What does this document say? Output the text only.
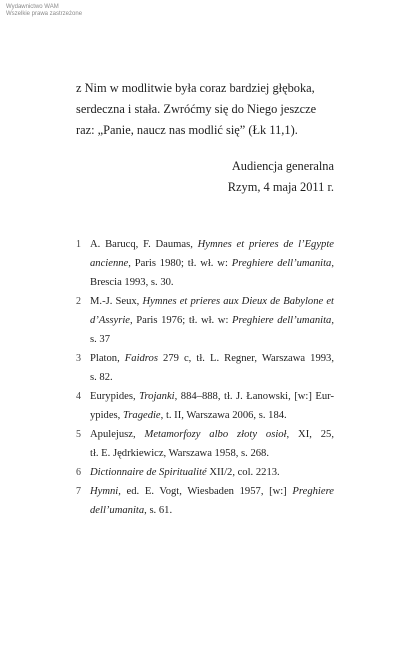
Wydawnictwo WAM
Wszelkie prawa zastrzeżone
z Nim w modlitwie była coraz bardziej głęboka,
serdeczna i stała. Zwróćmy się do Niego jeszcze
raz: „Panie, naucz nas modlić się” (Łk 11,1).
Audiencja generalna
Rzym, 4 maja 2011 r.
1 A. Barucq, F. Daumas, Hymnes et prieres de l’Egypte
ancienne, Paris 1980; tł. wł. w: Preghiere dell’umanita,
Brescia 1993, s. 30.
2 M.-J. Seux, Hymnes et prieres aux Dieux de Babylone et
d’Assyrie, Paris 1976; tł. wł. w: Preghiere dell’umanita,
s. 37
3 Platon, Faidros 279 c, tł. L. Regner, Warszawa 1993,
s. 82.
4 Eurypides, Trojanki, 884–888, tł. J. Łanowski, [w:] Eur-
ypides, Tragedie, t. II, Warszawa 2006, s. 184.
5 Apulejusz, Metamorfozy albo złoty osioł, XI, 25,
tł. E. Jędrkiewicz, Warszawa 1958, s. 268.
6 Dictionnaire de Spiritualité XII/2, col. 2213.
7 Hymni, ed. E. Vogt, Wiesbaden 1957, [w:] Preghiere
dell’umanita, s. 61.
